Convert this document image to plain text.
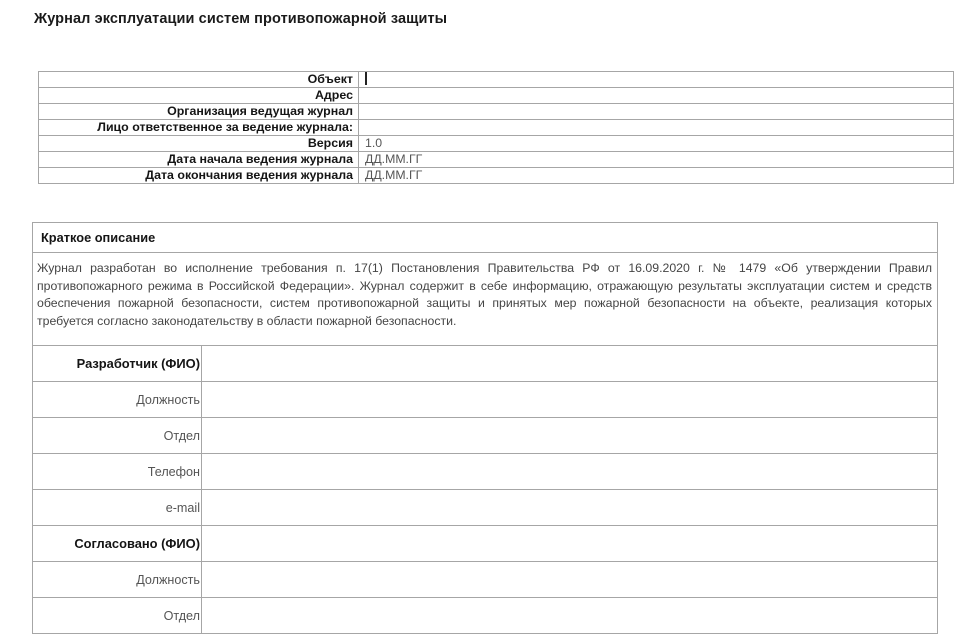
Журнал эксплуатации систем противопожарной защиты
Объект	
Адрес	
Организация ведущая журнал	
Лицо ответственное за ведение журнала:	
Версия	1.0
Дата начала ведения журнала	ДД.ММ.ГГ
Дата окончания ведения журнала	ДД.ММ.ГГ
Краткое описание
Журнал разработан во исполнение требования п. 17(1) Постановления Правительства РФ от 16.09.2020 г. № 1479 «Об утверждении Правил противопожарного режима в Российской Федерации». Журнал содержит в себе информацию, отражающую результаты эксплуатации систем и средств обеспечения пожарной безопасности, систем противопожарной защиты и принятых мер пожарной безопасности на объекте, реализация которых требуется согласно законодательству в области пожарной безопасности.
Разработчик (ФИО)	
Должность	
Отдел	
Телефон	
e-mail	
Согласовано (ФИО)	
Должность	
Отдел	
